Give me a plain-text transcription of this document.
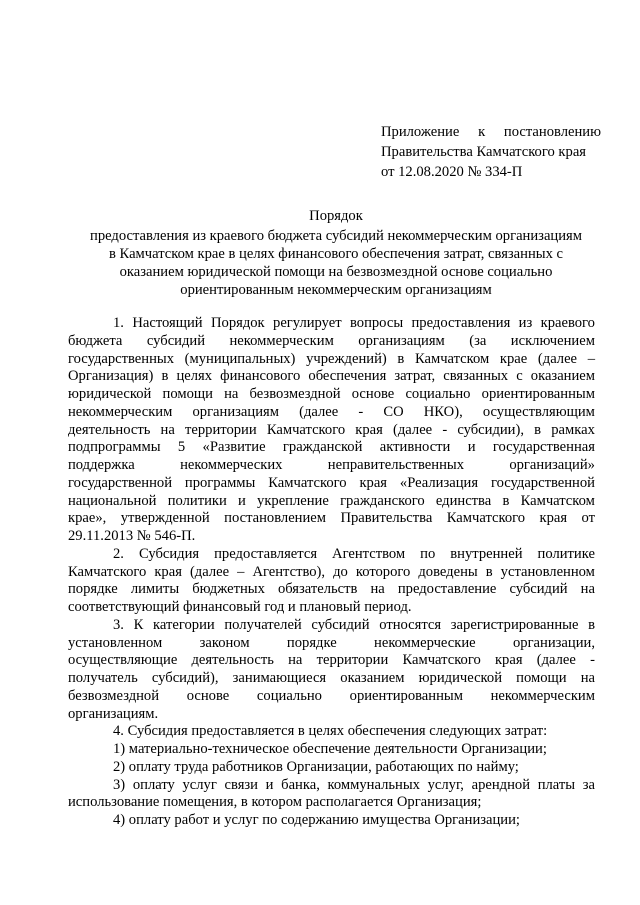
Приложение к постановлению
Правительства Камчатского края
от 12.08.2020 № 334-П
Порядок
предоставления из краевого бюджета субсидий некоммерческим организациям
в Камчатском крае в целях финансового обеспечения затрат, связанных с
оказанием юридической помощи на безвозмездной основе социально
ориентированным некоммерческим организациям
1. Настоящий Порядок регулирует вопросы предоставления из краевого
бюджета субсидий некоммерческим организациям (за исключением
государственных (муниципальных) учреждений) в Камчатском крае (далее –
Организация) в целях финансового обеспечения затрат, связанных с оказанием
юридической помощи на безвозмездной основе социально ориентированным
некоммерческим организациям (далее - СО НКО), осуществляющим
деятельность на территории Камчатского края (далее - субсидии), в рамках
подпрограммы 5 «Развитие гражданской активности и государственная
поддержка	некоммерческих	неправительственных	организаций»
государственной программы Камчатского края «Реализация государственной
национальной политики и укрепление гражданского единства в Камчатском
крае», утвержденной постановлением Правительства Камчатского края от
29.11.2013 № 546-П.
2. Субсидия предоставляется Агентством по внутренней политике
Камчатского края (далее – Агентство), до которого доведены в установленном
порядке лимиты бюджетных обязательств на предоставление субсидий на
соответствующий финансовый год и плановый период.
3. К категории получателей субсидий относятся зарегистрированные в
установленном	законом	порядке	некоммерческие	организации,
осуществляющие деятельность на территории Камчатского края (далее -
получатель субсидий), занимающиеся оказанием юридической помощи на
безвозмездной основе социально ориентированным некоммерческим
организациям.
4. Субсидия предоставляется в целях обеспечения следующих затрат:
1) материально-техническое обеспечение деятельности Организации;
2) оплату труда работников Организации, работающих по найму;
3) оплату услуг связи и банка, коммунальных услуг, арендной платы за
использование помещения, в котором располагается Организация;
4) оплату работ и услуг по содержанию имущества Организации;
